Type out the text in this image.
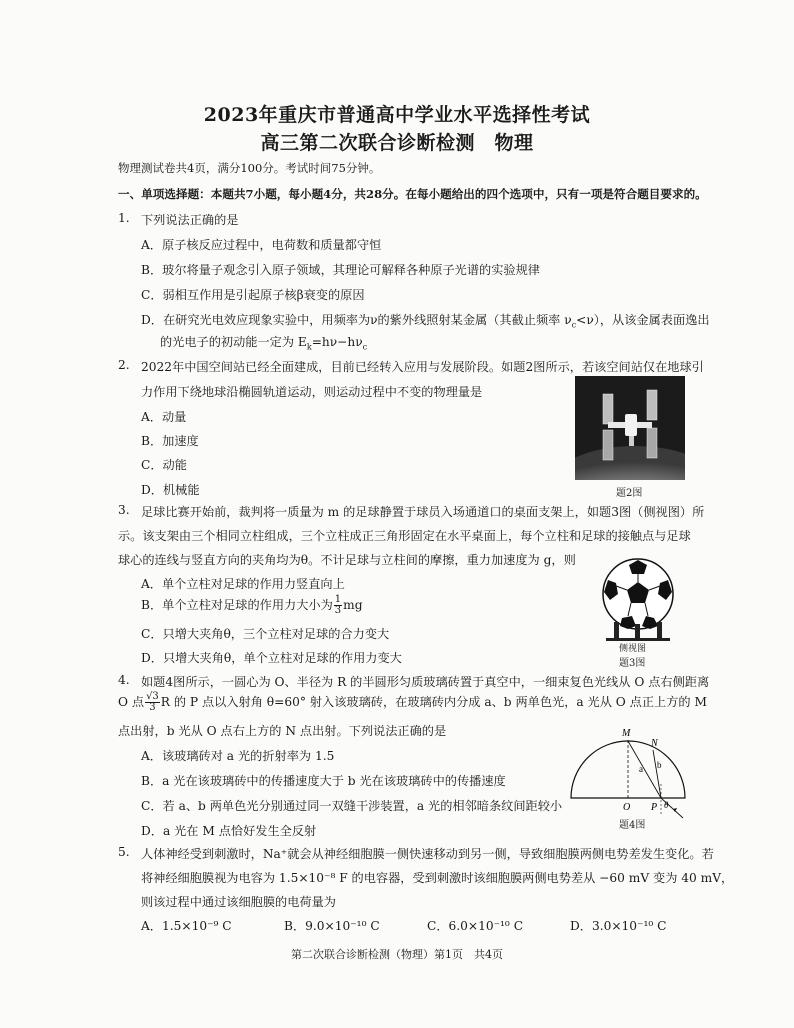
2023年重庆市普通高中学业水平选择性考试
高三第二次联合诊断检测　物理
物理测试卷共4页，满分100分。考试时间75分钟。
一、单项选择题：本题共7小题，每小题4分，共28分。在每小题给出的四个选项中，只有一项是符合题目要求的。
1. 下列说法正确的是
A．原子核反应过程中，电荷数和质量都守恒
B．玻尔将量子观念引入原子领域，其理论可解释各种原子光谱的实验规律
C．弱相互作用是引起原子核β衰变的原因
D．在研究光电效应现象实验中，用频率为ν的紫外线照射某金属（其截止频率 $\nu_c<\nu$），从该金属表面逸出
的光电子的初动能一定为 $E_k=h\nu-h\nu_c$
2. 2022年中国空间站已经全面建成，目前已经转入应用与发展阶段。如题2图所示，若该空间站仅在地球引
力作用下绕地球沿椭圆轨道运动，则运动过程中不变的物理量是
A．动量
B．加速度
C．动能
D．机械能	题2图
3. 足球比赛开始前，裁判将一质量为 m 的足球静置于球员入场通道口的桌面支架上，如题3图（侧视图）所
示。该支架由三个相同立柱组成，三个立柱成正三角形固定在水平桌面上，每个立柱和足球的接触点与足球
球心的连线与竖直方向的夹角均为θ。不计足球与立柱间的摩擦，重力加速度为 g，则
A．单个立柱对足球的作用力竖直向上
B．单个立柱对足球的作用力大小为 $\frac{1}{3}$ mg
C．只增大夹角θ，三个立柱对足球的合力变大
D．只增大夹角θ，单个立柱对足球的作用力变大
侧视图
题3图
4. 如题4图所示，一圆心为 O、半径为 R 的半圆形匀质玻璃砖置于真空中，一细束复色光线从 O 点右侧距离
O 点 $\frac{√3}{3}$ R 的 P 点以入射角 θ=60° 射入该玻璃砖，在玻璃砖内分成 a、b 两单色光，a 光从 O 点正上方的 M
点出射，b 光从 O 点右上方的 N 点出射。下列说法正确的是
A．该玻璃砖对 a 光的折射率为 1.5
B．a 光在该玻璃砖中的传播速度大于 b 光在该玻璃砖中的传播速度
C．若 a、b 两单色光分别通过同一双缝干涉装置，a 光的相邻暗条纹间距较小
D．a 光在 M 点恰好发生全反射
M
N
a b
O P θ
题4图
5. 人体神经受到刺激时，Na⁺就会从神经细胞膜一侧快速移动到另一侧，导致细胞膜两侧电势差发生变化。若
将神经细胞膜视为电容为 1.5×10⁻⁸ F 的电容器，受到刺激时该细胞膜两侧电势差从 −60 mV 变为 40 mV，
则该过程中通过该细胞膜的电荷量为
A．1.5×10⁻⁹ C	B．9.0×10⁻¹⁰ C	C．6.0×10⁻¹⁰ C	D．3.0×10⁻¹⁰ C
第二次联合诊断检测（物理）第1页　共4页
